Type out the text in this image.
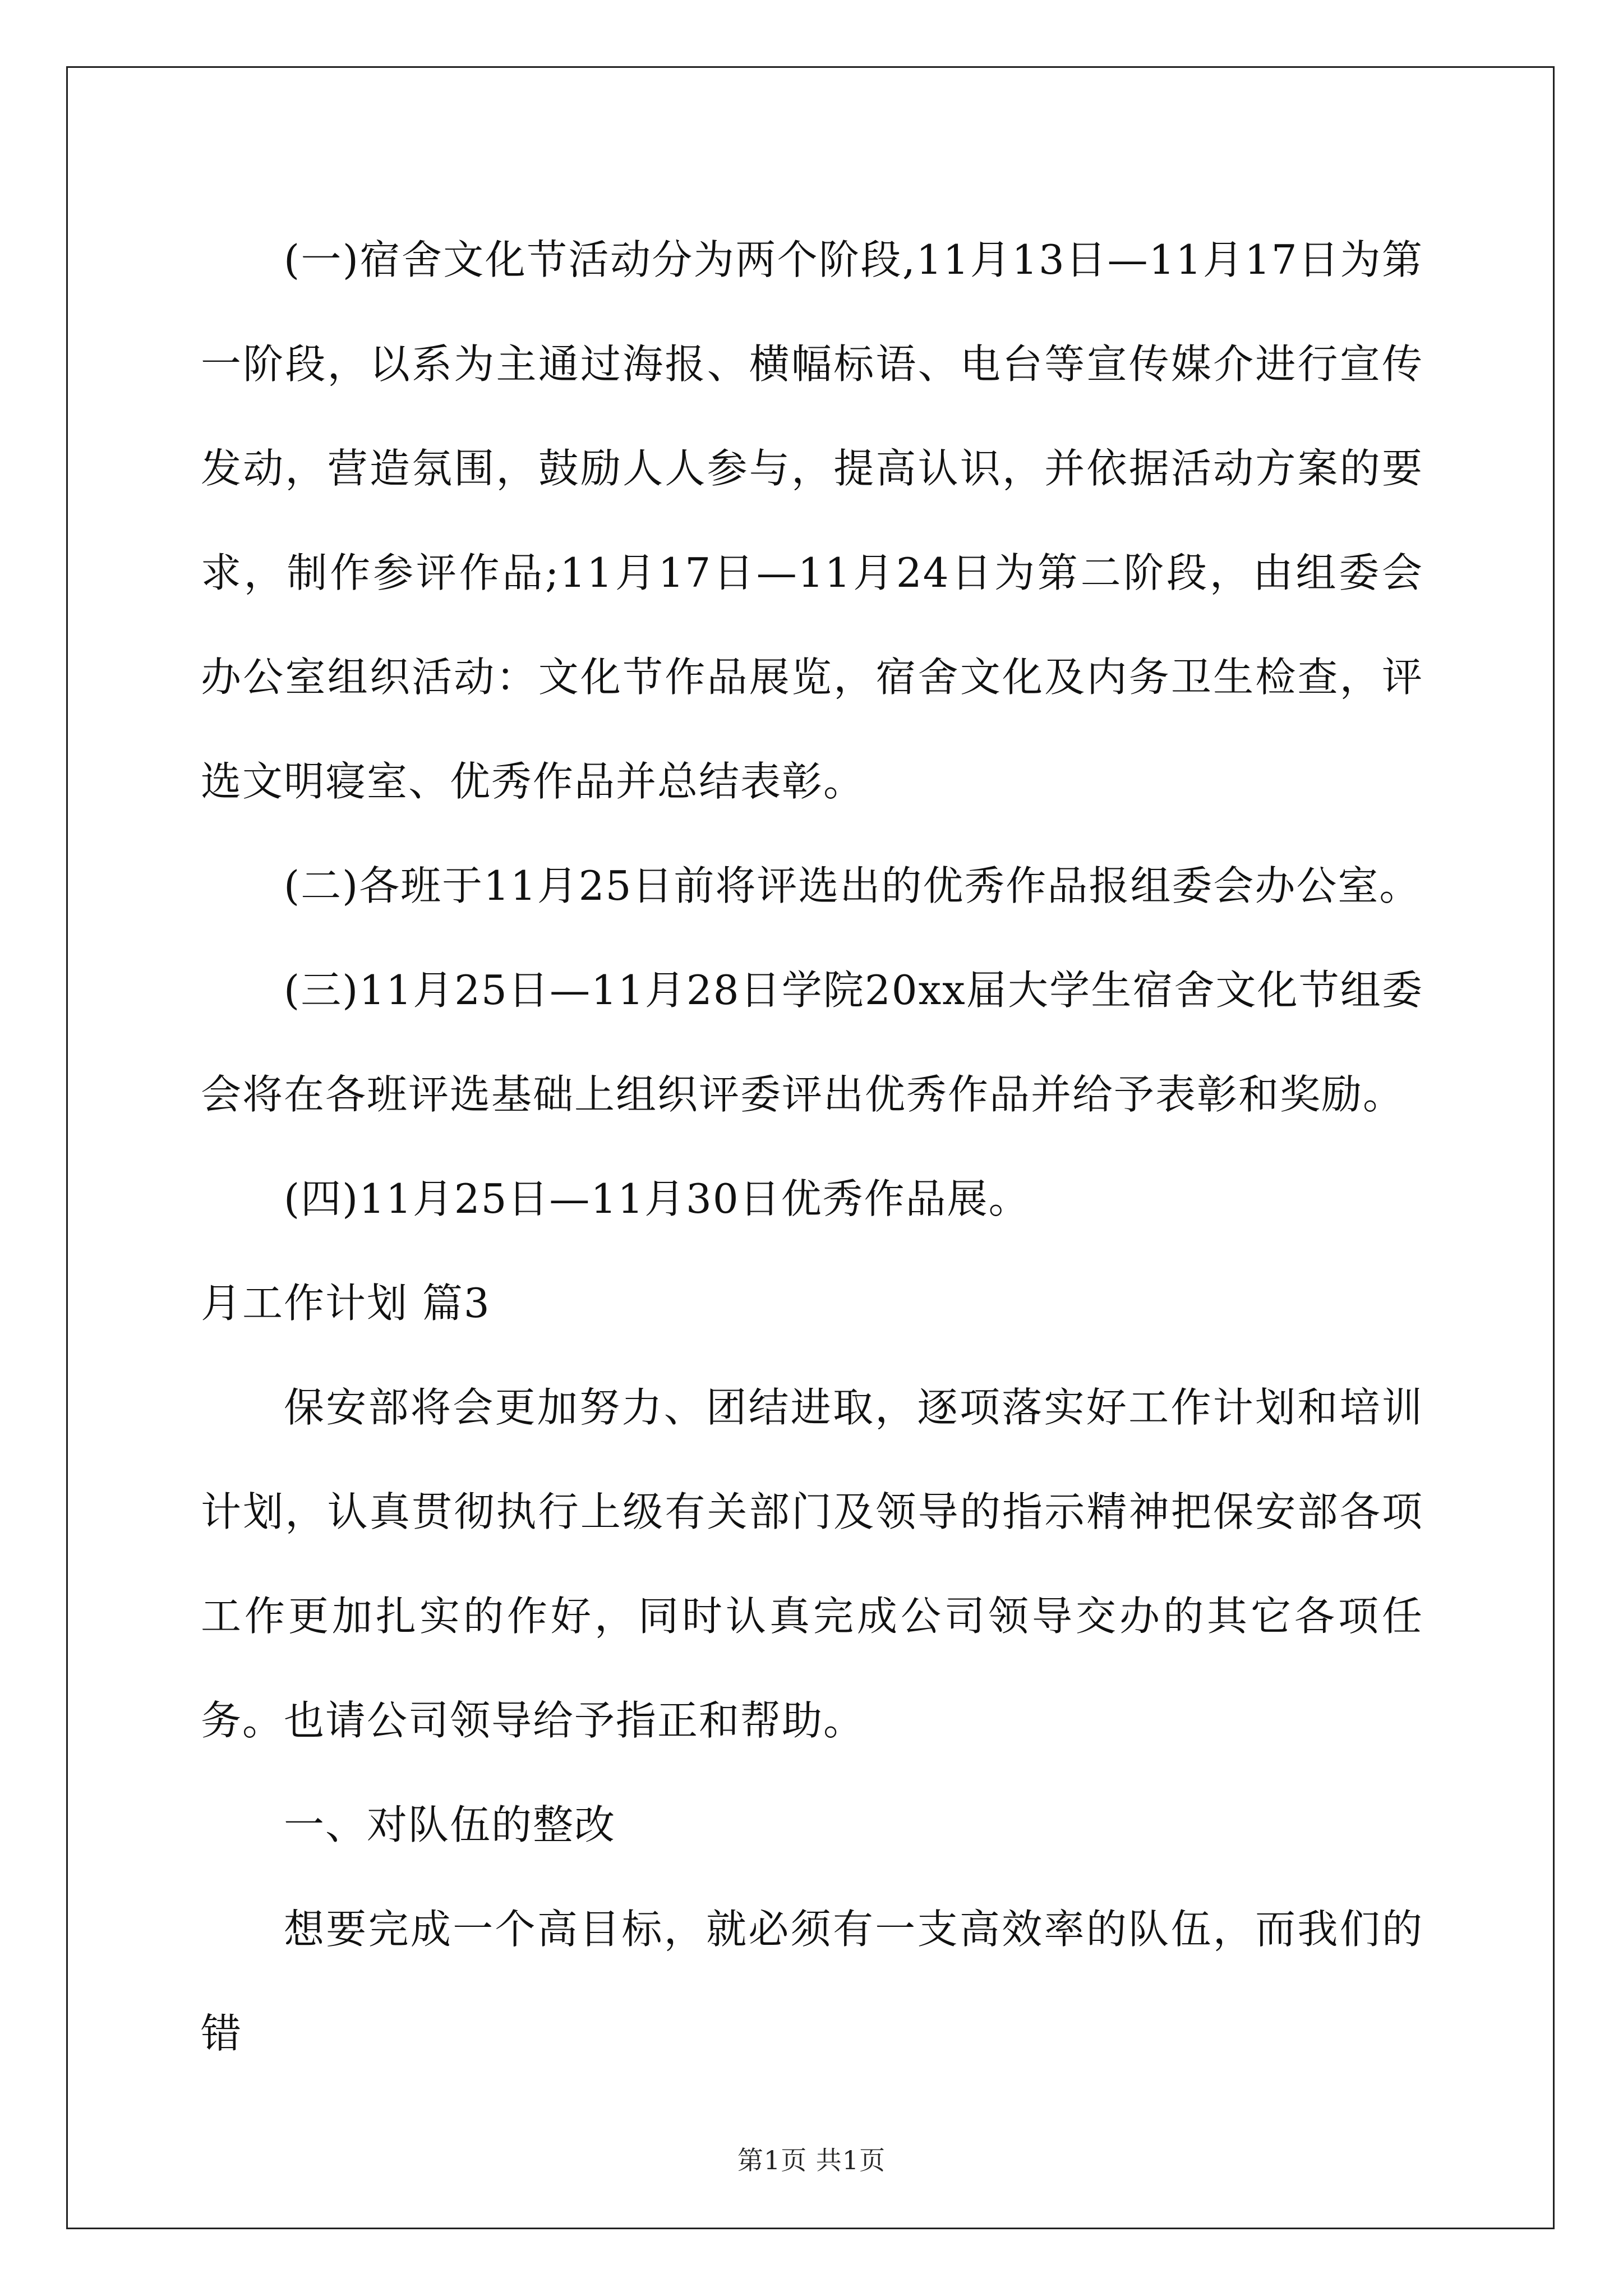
(一)宿舍文化节活动分为两个阶段,11月13日—11月17日为第一阶段，以系为主通过海报、横幅标语、电台等宣传媒介进行宣传发动，营造氛围，鼓励人人参与，提高认识，并依据活动方案的要求，制作参评作品;11月17日—11月24日为第二阶段，由组委会办公室组织活动：文化节作品展览，宿舍文化及内务卫生检查，评选文明寝室、优秀作品并总结表彰。

(二)各班于11月25日前将评选出的优秀作品报组委会办公室。

(三)11月25日—11月28日学院20xx届大学生宿舍文化节组委会将在各班评选基础上组织评委评出优秀作品并给予表彰和奖励。

(四)11月25日—11月30日优秀作品展。

月工作计划 篇3

保安部将会更加努力、团结进取，逐项落实好工作计划和培训计划，认真贯彻执行上级有关部门及领导的指示精神把保安部各项工作更加扎实的作好，同时认真完成公司领导交办的其它各项任务。也请公司领导给予指正和帮助。

一、对队伍的整改

想要完成一个高目标，就必须有一支高效率的队伍，而我们的错

第1页 共1页
